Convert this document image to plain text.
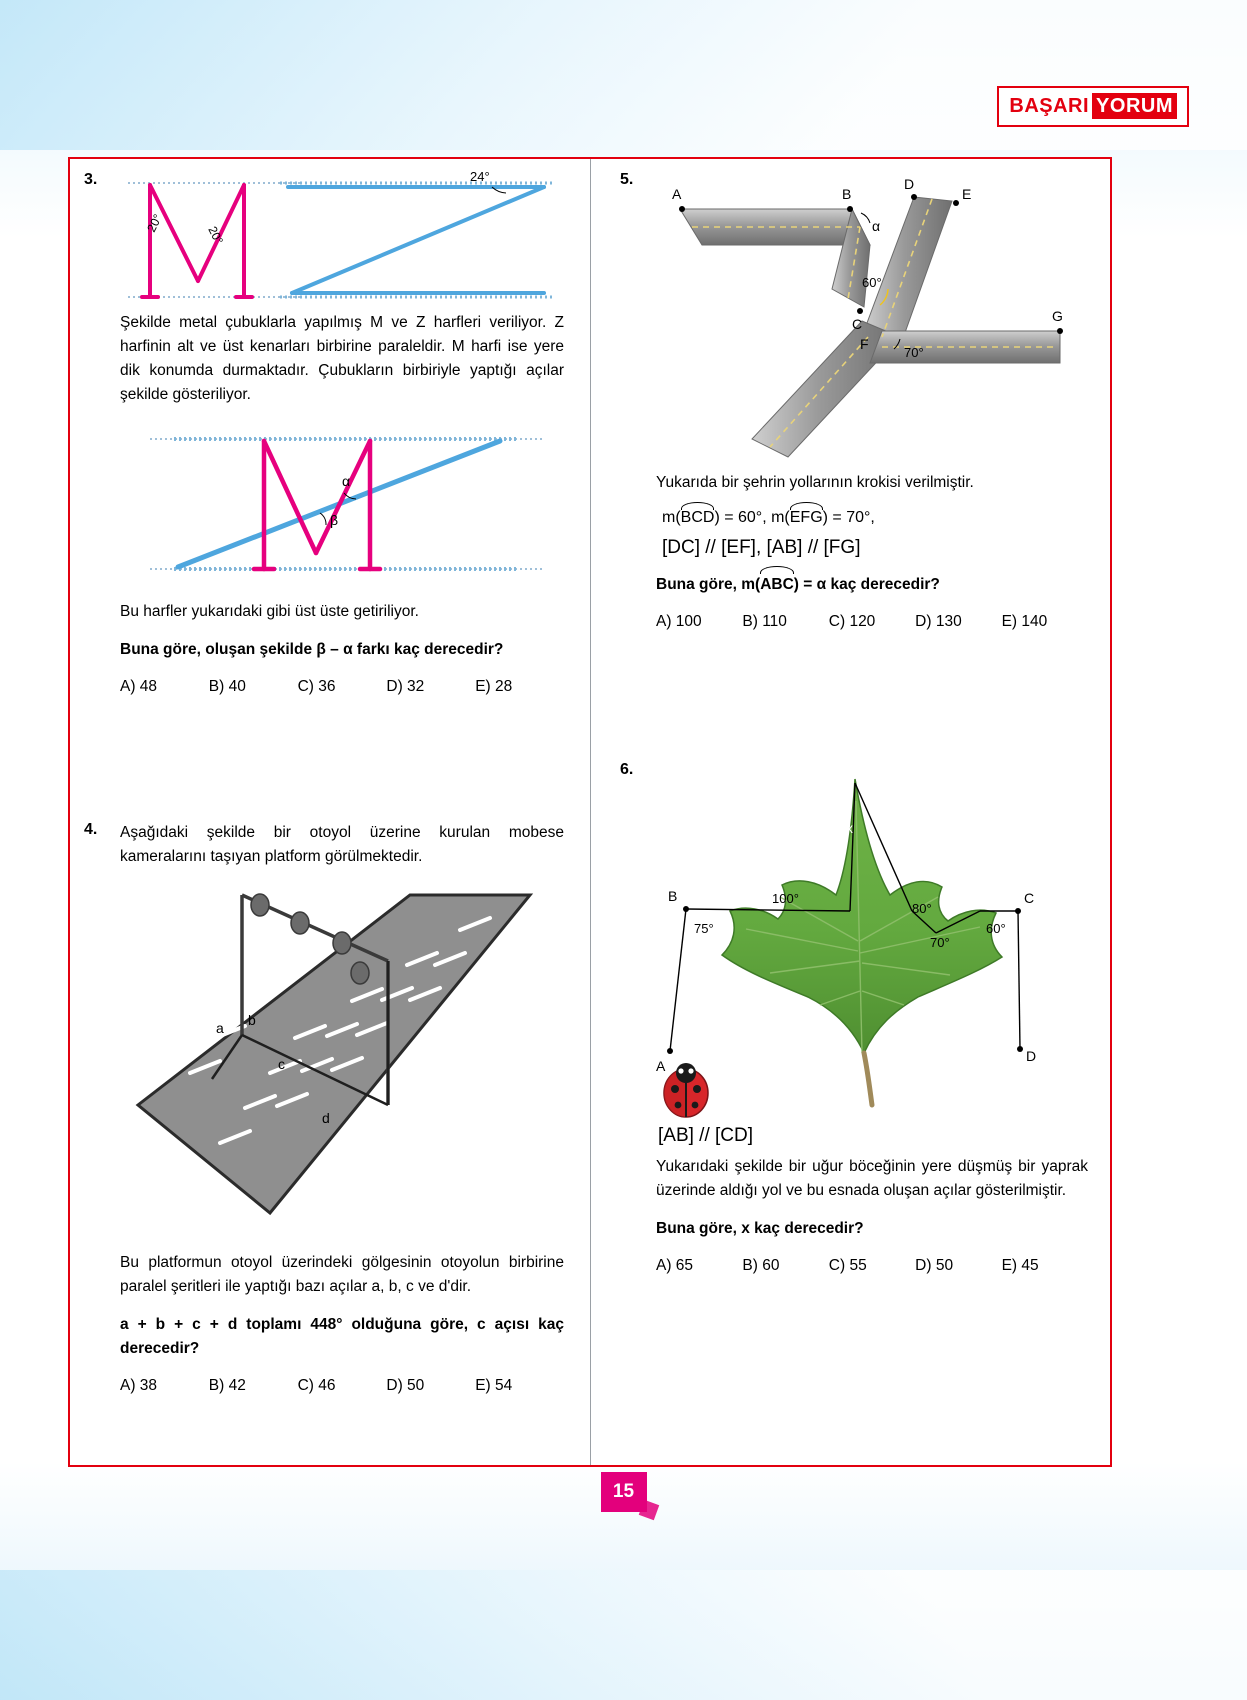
BAŞARI YORUM
3.
20°
20°
24°

Şekilde metal çubuklarla yapılmış M ve Z harfleri veriliyor. Z harfinin alt ve üst kenarları birbirine paraleldir. M harfi ise yere dik konumda durmaktadır. Çubukların birbiriyle yaptığı açılar şekilde gösteriliyor.

α
β

Bu harfler yukarıdaki gibi üst üste getiriliyor.

Buna göre, oluşan şekilde β – α farkı kaç derecedir?

A) 48	B) 40	C) 36	D) 32	E) 28
4. Aşağıdaki şekilde bir otoyol üzerine kurulan mobese kameralarını taşıyan platform görülmektedir.

a b
c
d

Bu platformun otoyol üzerindeki gölgesinin otoyolun birbirine paralel şeritleri ile yaptığı bazı açılar a, b, c ve d'dir.

a + b + c + d toplamı 448° olduğuna göre, c açısı kaç derecedir?

A) 38	B) 42	C) 46	D) 50	E) 54
5.
A	B
D
E
C
F
G
α
60°
70°

Yukarıda bir şehrin yollarının krokisi verilmiştir.

m(
BCD) = 60°, m(
EFG) = 70°,
[DC] // [EF], [AB] // [FG]

Buna göre, m(
ABC) = α kaç derecedir?

A) 100	B) 110	C) 120	D) 130	E) 140
6.
B
A
C
D
x
100°
75°
80°
70°
60°
[AB] // [CD]

Yukarıdaki şekilde bir uğur böceğinin yere düşmüş bir yaprak üzerinde aldığı yol ve bu esnada oluşan açılar gösterilmiştir.

Buna göre, x kaç derecedir?

A) 65	B) 60	C) 55	D) 50	E) 45
15
